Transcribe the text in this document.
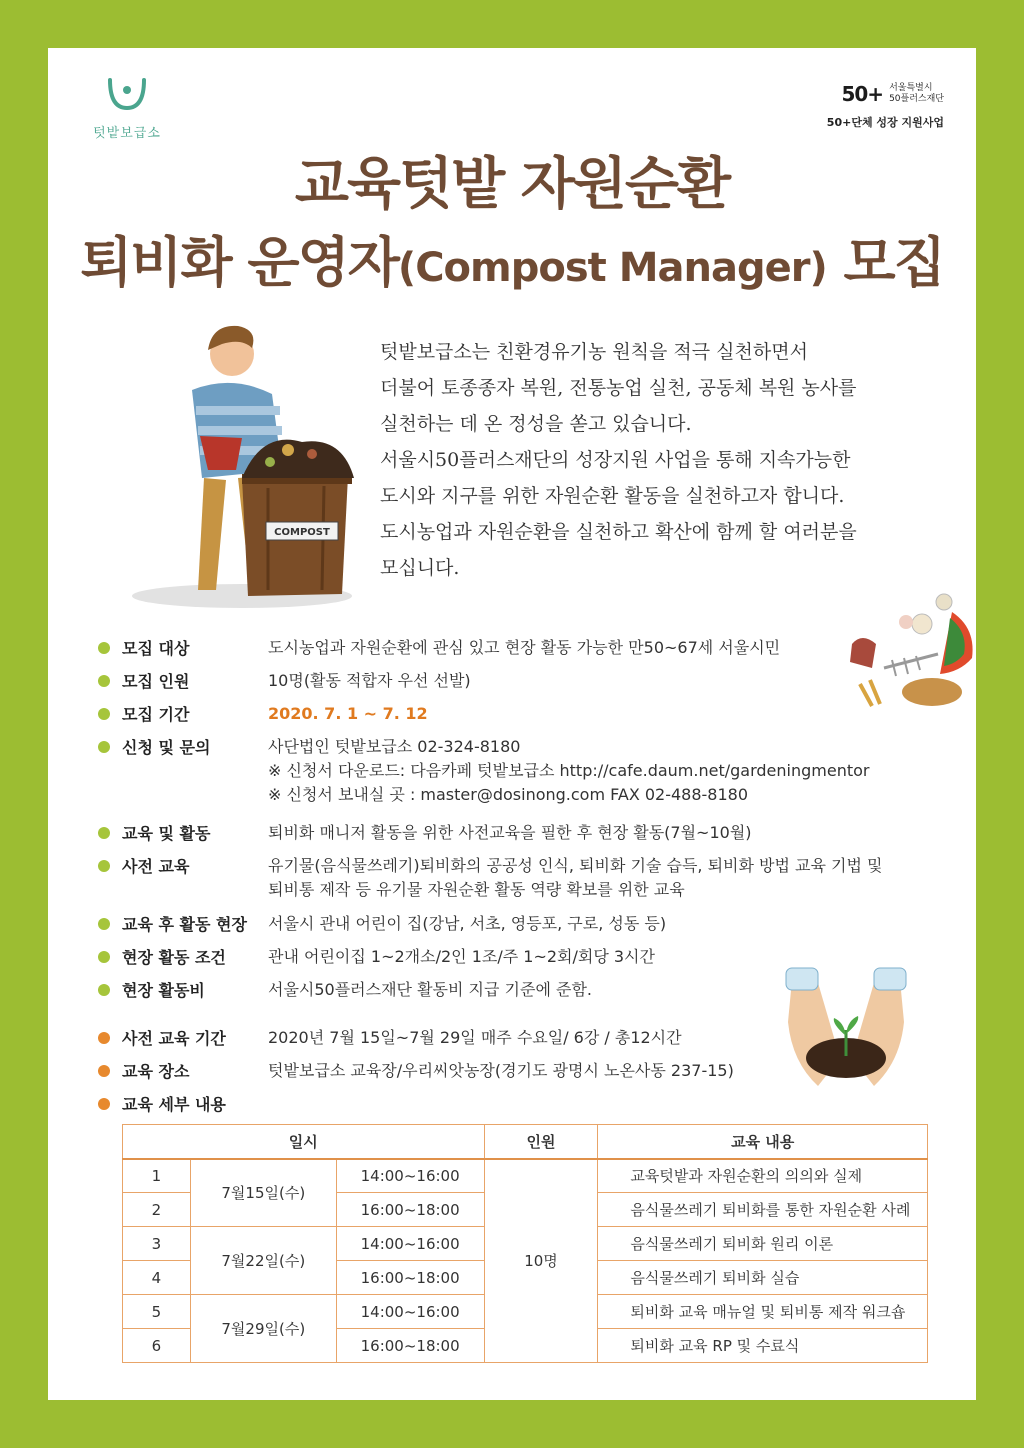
텃밭보급소
50+ 서울특별시
50플러스재단
50+단체 성장 지원사업
교육텃밭 자원순환
퇴비화 운영자(Compost Manager) 모집
COMPOST

텃밭보급소는 친환경유기농 원칙을 적극 실천하면서

더불어 토종종자 복원, 전통농업 실천, 공동체 복원 농사를

실천하는 데 온 정성을 쏟고 있습니다.

서울시50플러스재단의 성장지원 사업을 통해 지속가능한

도시와 지구를 위한 자원순환 활동을 실천하고자 합니다.

도시농업과 자원순환을 실천하고 확산에 함께 할 여러분을

모십니다.

모집 대상	도시농업과 자원순환에 관심 있고 현장 활동 가능한 만50~67세 서울시민
모집 인원	10명(활동 적합자 우선 선발)
모집 기간	2020. 7. 1 ~ 7. 12
신청 및 문의	사단법인 텃밭보급소 02-324-8180
※ 신청서 다운로드: 다음카페 텃밭보급소 http://cafe.daum.net/gardeningmentor
※ 신청서 보내실 곳 : master@dosinong.com FAX 02-488-8180
교육 및 활동	퇴비화 매니저 활동을 위한 사전교육을 필한 후 현장 활동(7월~10월)
사전 교육	유기물(음식물쓰레기)퇴비화의 공공성 인식, 퇴비화 기술 습득, 퇴비화 방법 교육 기법 및
퇴비통 제작 등 유기물 자원순환 활동 역량 확보를 위한 교육
교육 후 활동 현장	서울시 관내 어린이 집(강남, 서초, 영등포, 구로, 성동 등)
현장 활동 조건	관내 어린이집 1~2개소/2인 1조/주 1~2회/회당 3시간
현장 활동비	서울시50플러스재단 활동비 지급 기준에 준함.
사전 교육 기간	2020년 7월 15일~7월 29일 매주 수요일/ 6강 / 총12시간
교육 장소	텃밭보급소 교육장/우리씨앗농장(경기도 광명시 노온사동 237-15)
교육 세부 내용
일시			인원	교육 내용
1	7월15일(수)	14:00~16:00	10명	교육텃밭과 자원순환의 의의와 실제
2		16:00~18:00		음식물쓰레기 퇴비화를 통한 자원순환 사례
3	7월22일(수)	14:00~16:00		음식물쓰레기 퇴비화 원리 이론
4		16:00~18:00		음식물쓰레기 퇴비화 실습
5	7월29일(수)	14:00~16:00		퇴비화 교육 매뉴얼 및 퇴비통 제작 워크숍
6		16:00~18:00		퇴비화 교육 RP 및 수료식
